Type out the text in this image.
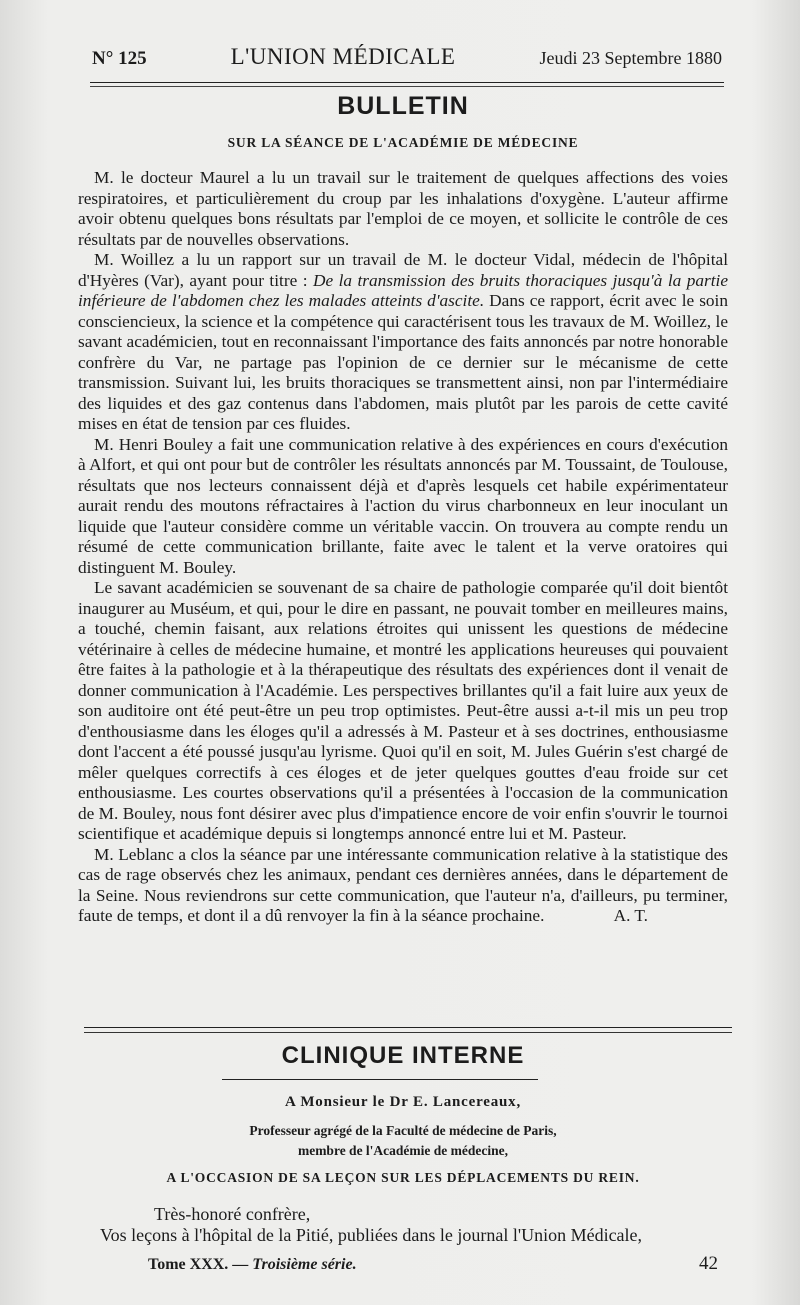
N° 125	L'UNION MÉDICALE	Jeudi 23 Septembre 1880
BULLETIN
SUR LA SÉANCE DE L'ACADÉMIE DE MÉDECINE

M. le docteur Maurel a lu un travail sur le traitement de quelques affections des voies respiratoires, et particulièrement du croup par les inhalations d'oxygène. L'auteur affirme avoir obtenu quelques bons résultats par l'emploi de ce moyen, et sollicite le contrôle de ces résultats par de nouvelles observations.

M. Woillez a lu un rapport sur un travail de M. le docteur Vidal, médecin de l'hôpital d'Hyères (Var), ayant pour titre : De la transmission des bruits thoraciques jusqu'à la partie inférieure de l'abdomen chez les malades atteints d'ascite. Dans ce rapport, écrit avec le soin consciencieux, la science et la compétence qui caractérisent tous les travaux de M. Woillez, le savant académicien, tout en reconnaissant l'importance des faits annoncés par notre honorable confrère du Var, ne partage pas l'opinion de ce dernier sur le mécanisme de cette transmission. Suivant lui, les bruits thoraciques se transmettent ainsi, non par l'intermédiaire des liquides et des gaz contenus dans l'abdomen, mais plutôt par les parois de cette cavité mises en état de tension par ces fluides.

M. Henri Bouley a fait une communication relative à des expériences en cours d'exécution à Alfort, et qui ont pour but de contrôler les résultats annoncés par M. Toussaint, de Toulouse, résultats que nos lecteurs connaissent déjà et d'après lesquels cet habile expérimentateur aurait rendu des moutons réfractaires à l'action du virus charbonneux en leur inoculant un liquide que l'auteur considère comme un véritable vaccin. On trouvera au compte rendu un résumé de cette communication brillante, faite avec le talent et la verve oratoires qui distinguent M. Bouley.

Le savant académicien se souvenant de sa chaire de pathologie comparée qu'il doit bientôt inaugurer au Muséum, et qui, pour le dire en passant, ne pouvait tomber en meilleures mains, a touché, chemin faisant, aux relations étroites qui unissent les questions de médecine vétérinaire à celles de médecine humaine, et montré les applications heureuses qui pouvaient être faites à la pathologie et à la thérapeutique des résultats des expériences dont il venait de donner communication à l'Académie. Les perspectives brillantes qu'il a fait luire aux yeux de son auditoire ont été peut-être un peu trop optimistes. Peut-être aussi a-t-il mis un peu trop d'enthousiasme dans les éloges qu'il a adressés à M. Pasteur et à ses doctrines, enthousiasme dont l'accent a été poussé jusqu'au lyrisme. Quoi qu'il en soit, M. Jules Guérin s'est chargé de mêler quelques correctifs à ces éloges et de jeter quelques gouttes d'eau froide sur cet enthousiasme. Les courtes observations qu'il a présentées à l'occasion de la communication de M. Bouley, nous font désirer avec plus d'impatience encore de voir enfin s'ouvrir le tournoi scientifique et académique depuis si longtemps annoncé entre lui et M. Pasteur.

M. Leblanc a clos la séance par une intéressante communication relative à la statistique des cas de rage observés chez les animaux, pendant ces dernières années, dans le département de la Seine. Nous reviendrons sur cette communication, que l'auteur n'a, d'ailleurs, pu terminer, faute de temps, et dont il a dû renvoyer la fin à la séance prochaine.	A. T.

CLINIQUE INTERNE
A Monsieur le Dr E. Lancereaux,
Professeur agrégé de la Faculté de médecine de Paris,
membre de l'Académie de médecine,
A L'OCCASION DE SA LEÇON SUR LES DÉPLACEMENTS DU REIN.
Très-honoré confrère,
Vos leçons à l'hôpital de la Pitié, publiées dans le journal l'Union Médicale,
Tome XXX. — Troisième série.	42
